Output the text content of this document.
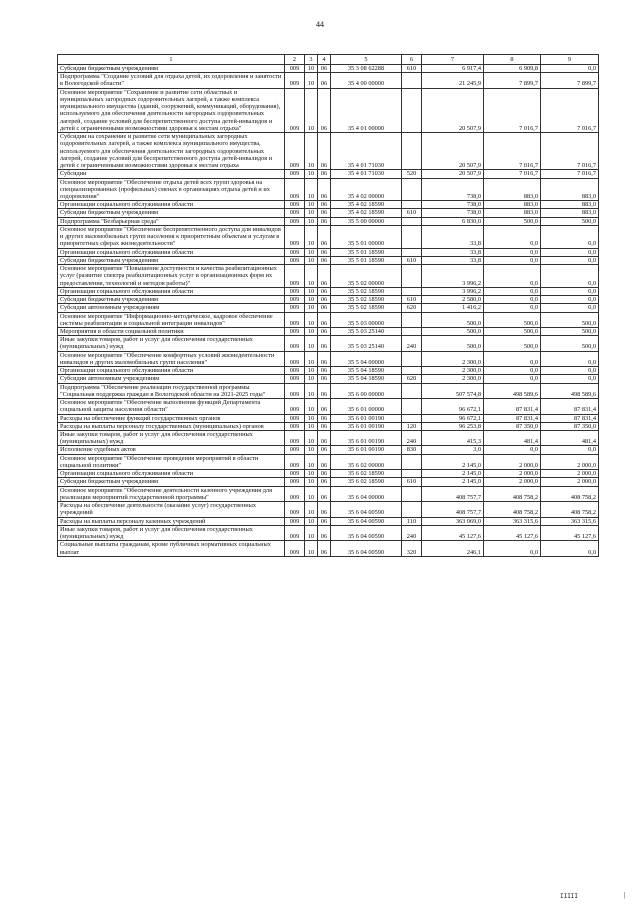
44
1	2	3	4	5	6	7	8	9
Субсидии бюджетным учреждениям	009	10	06	35 3 08 62288	610	6 917,4	6 909,8	0,0
Подпрограмма "Создание условий для отдыха детей, их оздоровления и занятости в Вологодской области"	009	10	06	35 4 00 00000		21 245,9	7 899,7	7 899,7
Основное мероприятие "Сохранение и развитие сети областных и муниципальных загородных оздоровительных лагерей, а также комплекса муниципального имущества (зданий, сооружений, коммуникаций, оборудования), используемого для обеспечения деятельности загородных оздоровительных лагерей, создание условий для беспрепятственного доступа детей-инвалидов и детей с ограниченными возможностями здоровья к местам отдыха"	009	10	06	35 4 01 00000		20 507,9	7 016,7	7 016,7
Субсидии на сохранение и развитие сети муниципальных загородных оздоровительных лагерей, а также комплекса муниципального имущества, используемого для обеспечения деятельности загородных оздоровительных лагерей, создание условий для беспрепятственного доступа детей-инвалидов и детей с ограниченными возможностями здоровья к местам отдыха	009	10	06	35 4 01 71030		20 507,9	7 016,7	7 016,7
Субсидии	009	10	06	35 4 01 71030	520	20 507,9	7 016,7	7 016,7
Основное мероприятие "Обеспечение отдыха детей всех групп здоровья на специализированных (профильных) сменах в организациях отдыха детей и их оздоровления"	009	10	06	35 4 02 00000		738,0	883,0	883,0
Организации социального обслуживания области	009	10	06	35 4 02 18590		738,0	883,0	883,0
Субсидии бюджетным учреждениям	009	10	06	35 4 02 18590	610	738,0	883,0	883,0
Подпрограмма "Безбарьерная среда"	009	10	06	35 5 00 00000		6 830,0	500,0	500,0
Основное мероприятие "Обеспечение беспрепятственного доступа для инвалидов и других маломобильных групп населения к приоритетным объектам и услугам в приоритетных сферах жизнедеятельности"	009	10	06	35 5 01 00000		33,8	0,0	0,0
Организации социального обслуживания области	009	10	06	35 5 01 18590		33,8	0,0	0,0
Субсидии бюджетным учреждениям	009	10	06	35 5 01 18590	610	33,8	0,0	0,0
Основное мероприятие "Повышение доступности и качества реабилитационных услуг (развитие спектра реабилитационных услуг и организационных форм их предоставления, технологий и методов работы)"	009	10	06	35 5 02 00000		3 996,2	0,0	0,0
Организации социального обслуживания области	009	10	06	35 5 02 18590		3 996,2	0,0	0,0
Субсидии бюджетным учреждениям	009	10	06	35 5 02 18590	610	2 580,0	0,0	0,0
Субсидии автономным учреждениям	009	10	06	35 5 02 18590	620	1 416,2	0,0	0,0
Основное мероприятие "Информационно-методическое, кадровое обеспечение системы реабилитации и социальной интеграции инвалидов"	009	10	06	35 5 03 00000		500,0	500,0	500,0
Мероприятия в области социальной политики	009	10	06	35 5 03 25140		500,0	500,0	500,0
Иные закупки товаров, работ и услуг для обеспечения государственных (муниципальных) нужд	009	10	06	35 5 03 25140	240	500,0	500,0	500,0
Основное мероприятие "Обеспечение комфортных условий жизнедеятельности инвалидов и других маломобильных групп населения"	009	10	06	35 5 04 00000		2 300,0	0,0	0,0
Организации социального обслуживания области	009	10	06	35 5 04 18590		2 300,0	0,0	0,0
Субсидии автономным учреждениям	009	10	06	35 5 04 18590	620	2 300,0	0,0	0,0
Подпрограмма "Обеспечение реализации государственной программы "Социальная поддержка граждан в Вологодской области на 2021-2025 годы"	009	10	06	35 6 00 00000		507 574,8	498 589,6	498 589,6
Основное мероприятие "Обеспечение выполнения функций Департамента социальной защиты населения области"	009	10	06	35 6 01 00000		96 672,1	87 831,4	87 831,4
Расходы на обеспечение функций государственных органов	009	10	06	35 6 01 00190		96 672,1	87 831,4	87 831,4
Расходы на выплаты персоналу государственных (муниципальных) органов	009	10	06	35 6 01 00190	120	96 253,8	87 350,0	87 350,0
Иные закупки товаров, работ и услуг для обеспечения государственных (муниципальных) нужд	009	10	06	35 6 01 00190	240	415,3	481,4	481,4
Исполнение судебных актов	009	10	06	35 6 01 00190	830	3,0	0,0	0,0
Основное мероприятие "Обеспечение проведения мероприятий в области социальной политики"	009	10	06	35 6 02 00000		2 145,0	2 000,0	2 000,0
Организации социального обслуживания области	009	10	06	35 6 02 18590		2 145,0	2 000,0	2 000,0
Субсидии бюджетным учреждениям	009	10	06	35 6 02 18590	610	2 145,0	2 000,0	2 000,0
Основное мероприятие "Обеспечение деятельности казенного учреждения для реализации мероприятий государственной программы"	009	10	06	35 6 04 00000		408 757,7	408 758,2	408 758,2
Расходы на обеспечение деятельности (оказание услуг) государственных учреждений	009	10	06	35 6 04 00590		408 757,7	408 758,2	408 758,2
Расходы на выплаты персоналу казенных учреждений	009	10	06	35 6 04 00590	110	363 069,0	363 315,6	363 315,6
Иные закупки товаров, работ и услуг для обеспечения государственных (муниципальных) нужд	009	10	06	35 6 04 00590	240	45 127,6	45 127,6	45 127,6
Социальные выплаты гражданам, кроме публичных нормативных социальных выплат	009	10	06	35 6 04 00590	320	246,1	0,0	0,0
IIIII	|
